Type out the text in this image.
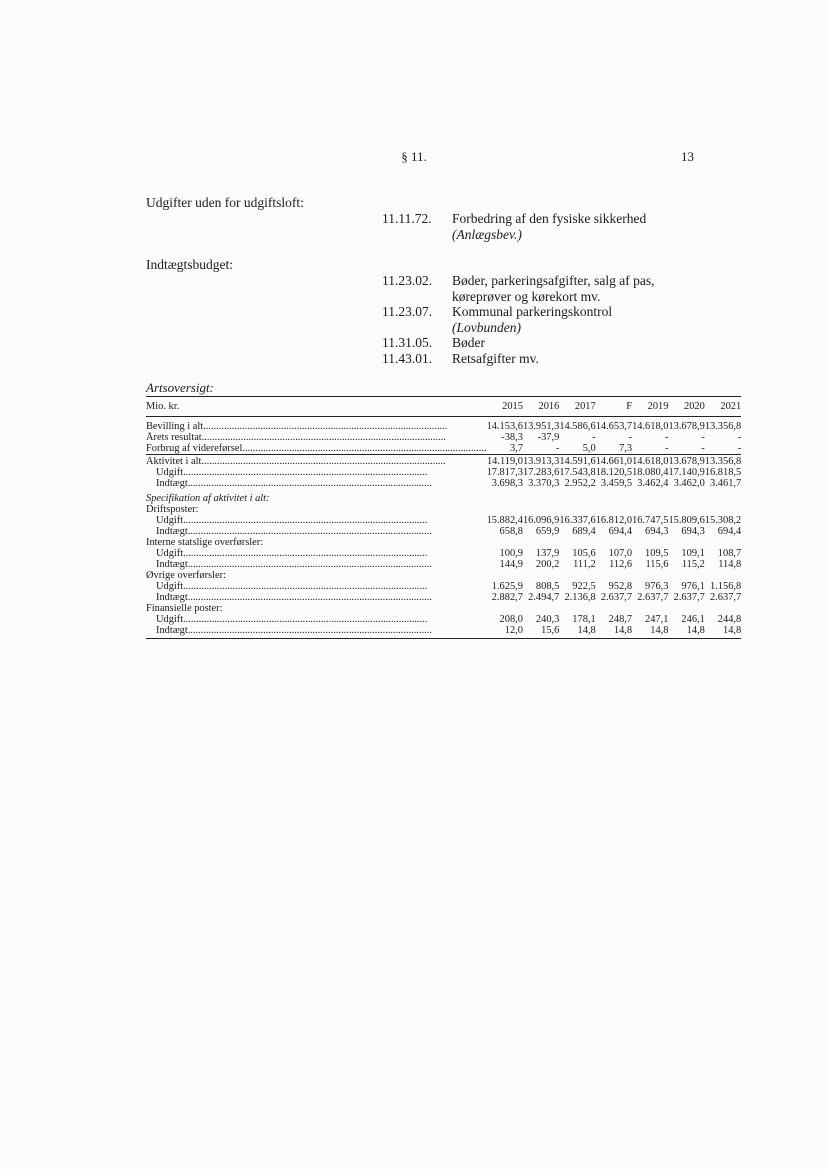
§ 11.	13
Udgifter uden for udgiftsloft:
11.11.72.	Forbedring af den fysiske sikkerhed
(Anlægsbev.)
Indtægtsbudget:
11.23.02.	Bøder, parkeringsafgifter, salg af pas,
køreprøver og kørekort mv.
11.23.07.	Kommunal parkeringskontrol
(Lovbunden)
11.31.05.	Bøder
11.43.01.	Retsafgifter mv.
Artsoversigt:
Mio. kr.	2015	2016	2017	F	2019	2020	2021

Bevilling i alt..............................................................................................	14.153,6	13.951,3	14.586,6	14.653,7	14.618,0	13.678,9	13.356,8
Årets resultat..............................................................................................	-38,3	-37,9	-	-	-	-	-
Forbrug af videreførsel..............................................................................................	3,7	-	5,0	7,3	-	-	-
Aktivitet i alt..............................................................................................	14.119,0	13.913,3	14.591,6	14.661,0	14.618,0	13.678,9	13.356,8
Udgift..............................................................................................	17.817,3	17.283,6	17.543,8	18.120,5	18.080,4	17.140,9	16.818,5
Indtægt..............................................................................................	3.698,3	3.370,3	2.952,2	3.459,5	3.462,4	3.462,0	3.461,7

Specifikation af aktivitet i alt:							
Driftsposter:							
Udgift..............................................................................................	15.882,4	16.096,9	16.337,6	16.812,0	16.747,5	15.809,6	15.308,2
Indtægt..............................................................................................	658,8	659,9	689,4	694,4	694,3	694,3	694,4
Interne statslige overførsler:							
Udgift..............................................................................................	100,9	137,9	105,6	107,0	109,5	109,1	108,7
Indtægt..............................................................................................	144,9	200,2	111,2	112,6	115,6	115,2	114,8
Øvrige overførsler:							
Udgift..............................................................................................	1.625,9	808,5	922,5	952,8	976,3	976,1	1.156,8
Indtægt..............................................................................................	2.882,7	2.494,7	2.136,8	2.637,7	2.637,7	2.637,7	2.637,7
Finansielle poster:							
Udgift..............................................................................................	208,0	240,3	178,1	248,7	247,1	246,1	244,8
Indtægt..............................................................................................	12,0	15,6	14,8	14,8	14,8	14,8	14,8
